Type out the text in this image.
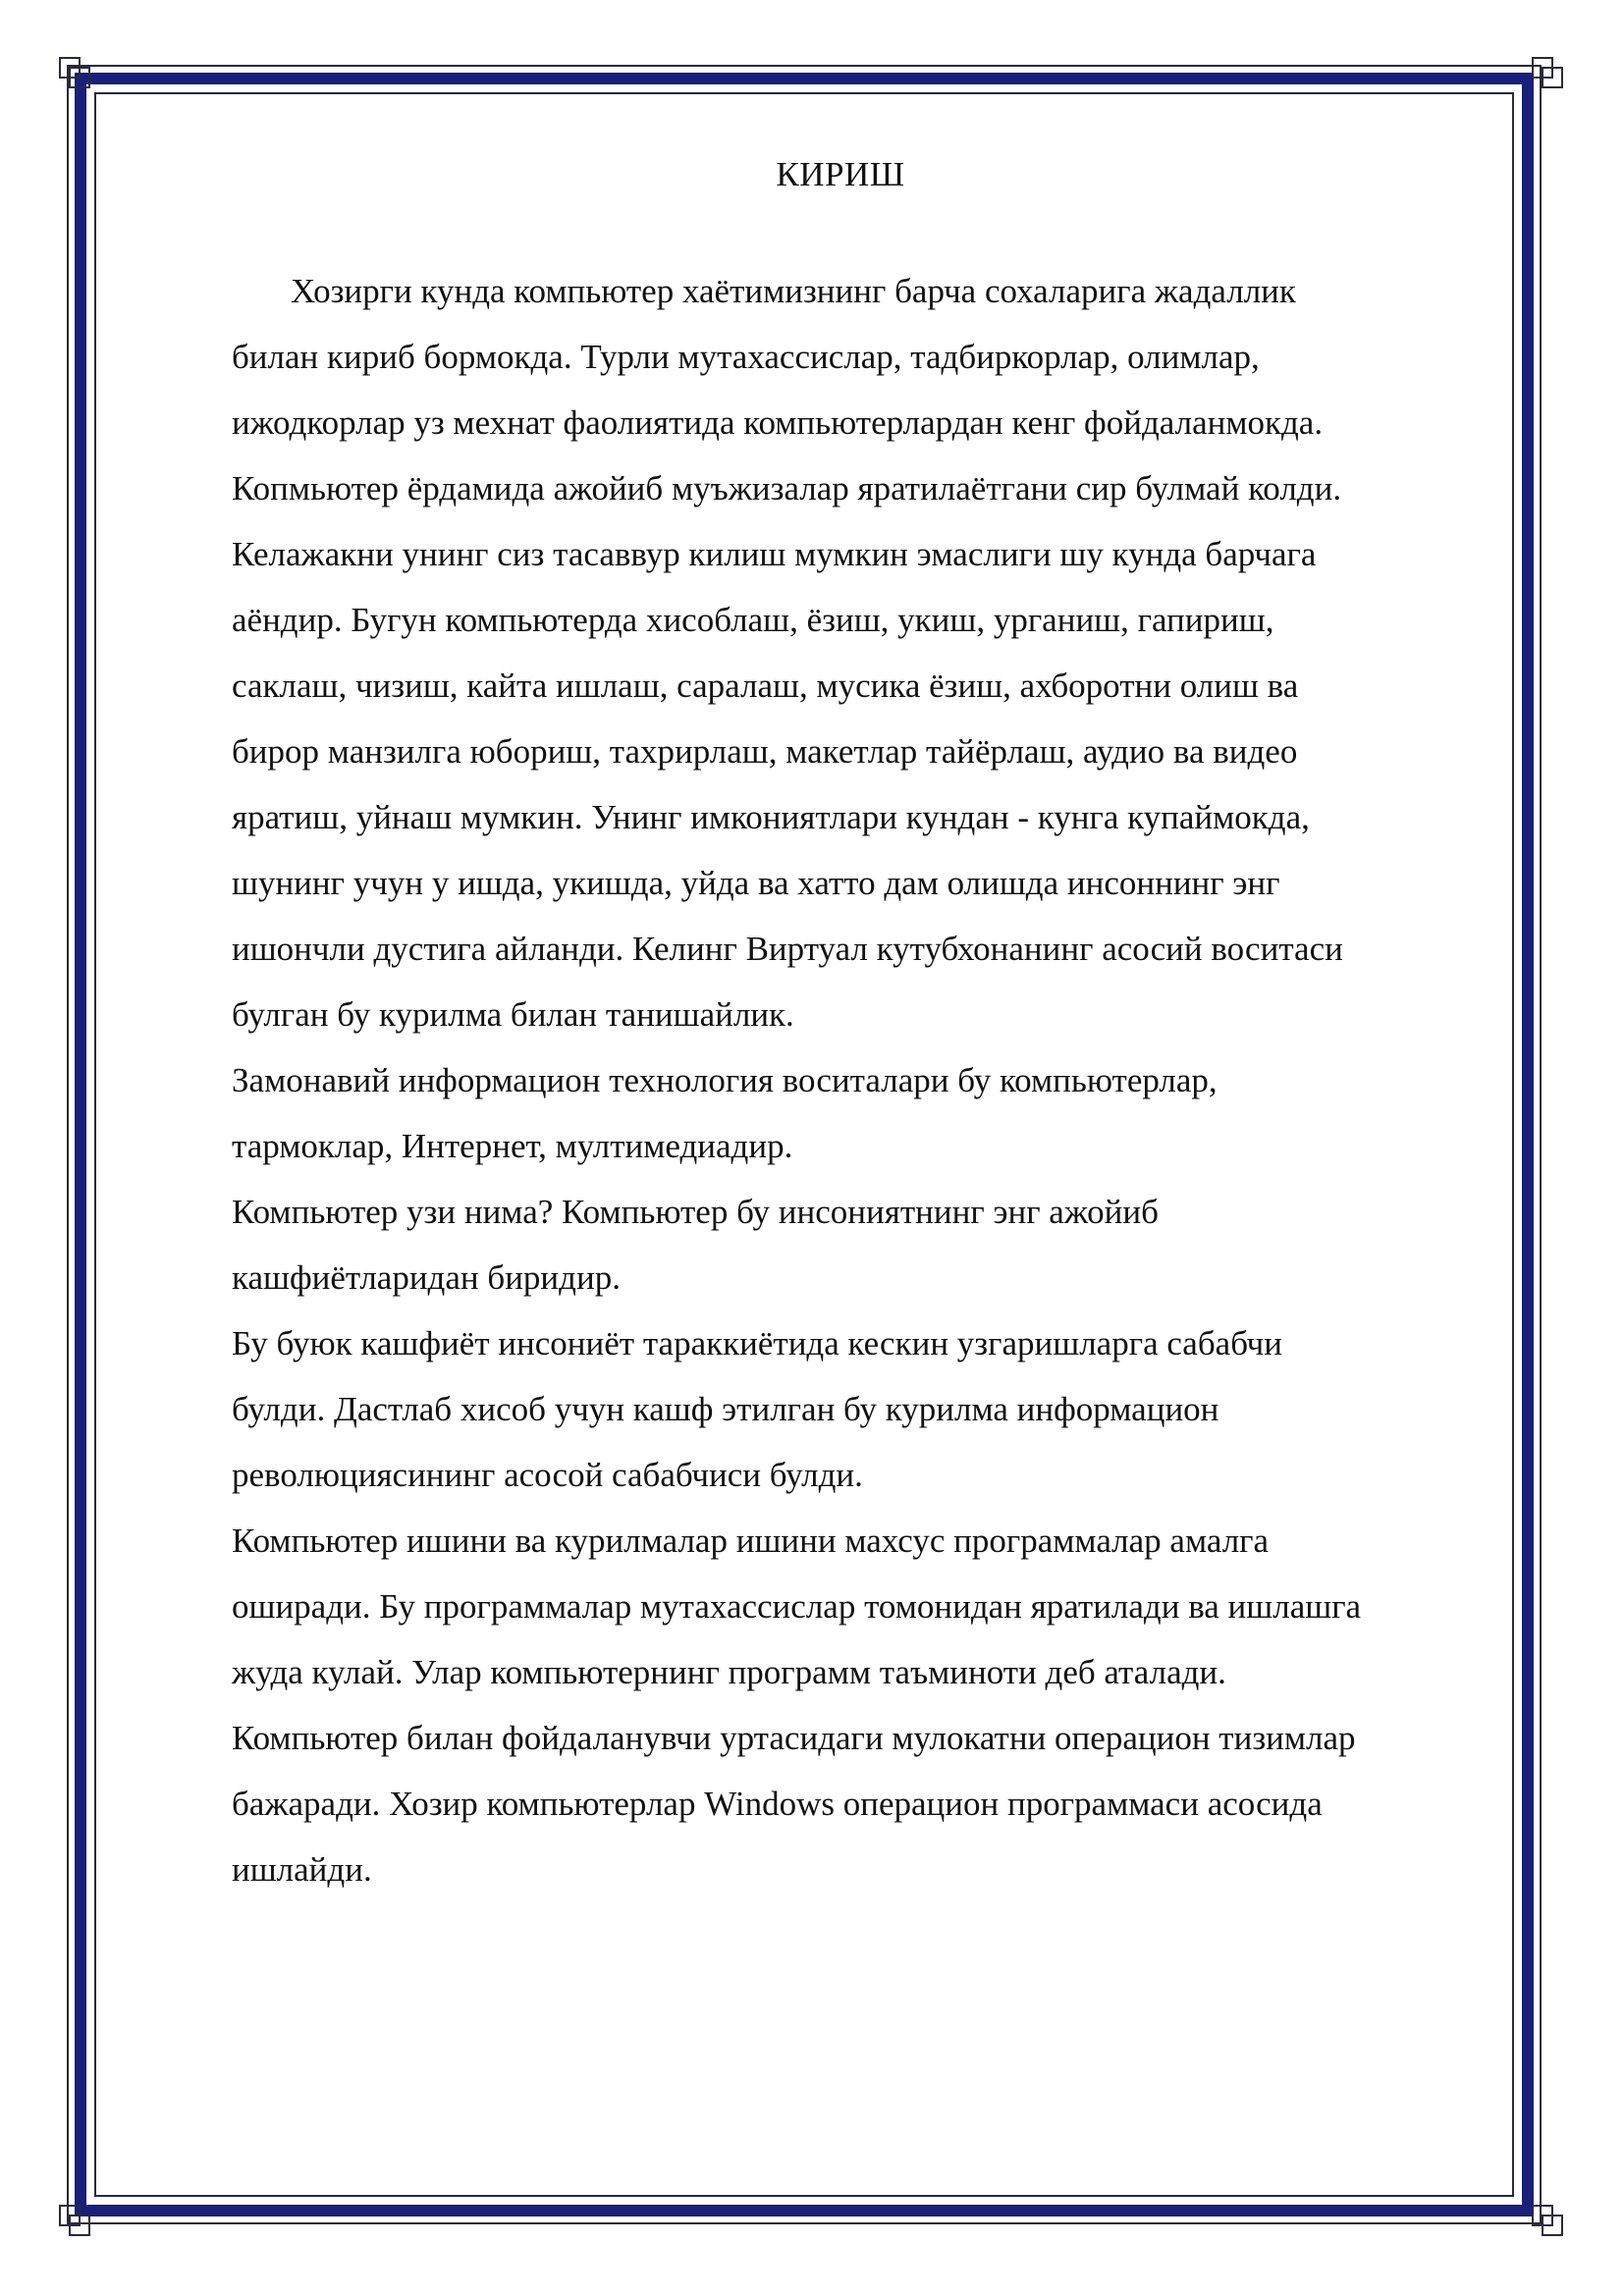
КИРИШ
Хозирги кунда компьютер хаётимизнинг барча сохаларига жадаллик
билан кириб бормокда. Турли мутахассислар, тадбиркорлар, олимлар,
ижодкорлар уз мехнат фаолиятида компьютерлардан кенг фойдаланмокда.
Копмьютер ёрдамида ажойиб муъжизалар яратилаётгани сир булмай колди.
Келажакни унинг сиз тасаввур килиш мумкин эмаслиги шу кунда барчага
аёндир. Бугун компьютерда хисоблаш, ёзиш, укиш, урганиш, гапириш,
саклаш, чизиш, кайта ишлаш, саралаш, мусика ёзиш, ахборотни олиш ва
бирор манзилга юбориш, тахрирлаш, макетлар тайёрлаш, аудио ва видео
яратиш, уйнаш мумкин. Унинг имкониятлари кундан - кунга купаймокда,
шунинг учун у ишда, укишда, уйда ва хатто дам олишда инсоннинг энг
ишончли дустига айланди. Келинг Виртуал кутубхонанинг асосий воситаси
булган бу курилма билан танишайлик.
Замонавий информацион технология воситалари бу компьютерлар,
тармоклар, Интернет, мултимедиадир.
Компьютер узи нима? Компьютер бу инсониятнинг энг ажойиб
кашфиётларидан биридир.
Бу буюк кашфиёт инсониёт тараккиётида кескин узгаришларга сабабчи
булди. Дастлаб хисоб учун кашф этилган бу курилма информацион
революциясининг асосой сабабчиси булди.
Компьютер ишини ва курилмалар ишини махсус программалар амалга
оширади. Бу программалар мутахассислар томонидан яратилади ва ишлашга
жуда кулай. Улар компьютернинг программ таъминоти деб аталади.
Компьютер билан фойдаланувчи уртасидаги мулокатни операцион тизимлар
бажаради. Хозир компьютерлар Windows операцион программаси асосида
ишлайди.
